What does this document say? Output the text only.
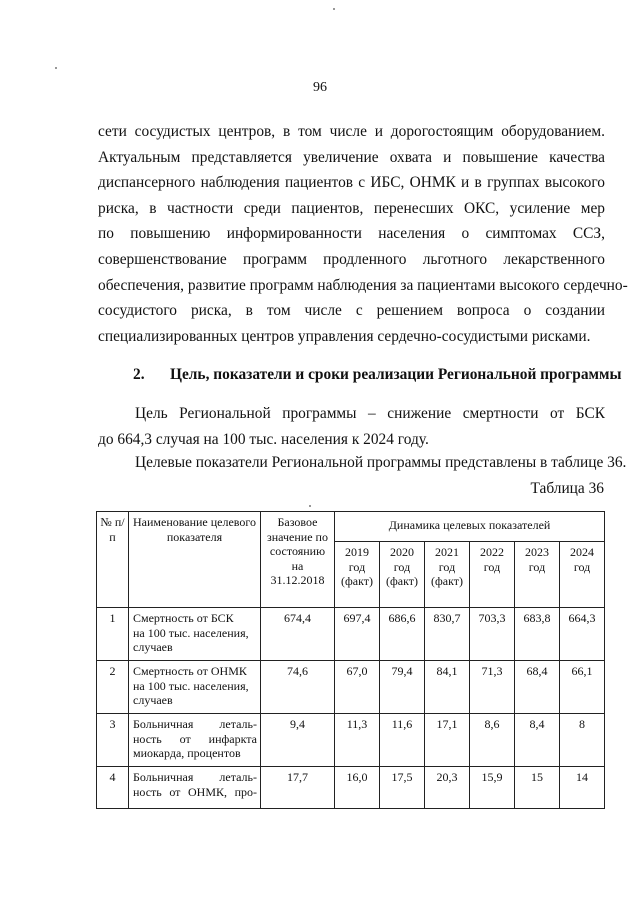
96

сети сосудистых центров, в том числе и дорогостоящим оборудованием.
Актуальным представляется увеличение охвата и повышение качества
диспансерного наблюдения пациентов с ИБС, ОНМК и в группах высокого
риска, в частности среди пациентов, перенесших ОКС, усиление мер
по повышению информированности населения о симптомах ССЗ,
совершенствование программ продленного льготного лекарственного
обеспечения, развитие программ наблюдения за пациентами высокого сердечно-
сосудистого риска, в том числе с решением вопроса о создании
специализированных центров управления сердечно-сосудистыми рисками.

2. Цель, показатели и сроки реализации Региональной программы

Цель Региональной программы – снижение смертности от БСК
до 664,3 случая на 100 тыс. населения к 2024 году.

Целевые показатели Региональной программы представлены в таблице 36.

Таблица 36

№ п/п	Наименование целевого показателя	Базовое значение по состоянию на 31.12.2018	Динамика целевых показателей					
			2019 год (факт)	2020 год (факт)	2021 год (факт)	2022 год	2023 год	2024 год
1	Смертность от БСК
на 100 тыс. населения,
случаев	674,4	697,4	686,6	830,7	703,3	683,8	664,3
2	Смертность от ОНМК
на 100 тыс. населения,
случаев	74,6	67,0	79,4	84,1	71,3	68,4	66,1
3	Больничная леталь-
ность от инфаркта
миокарда, процентов	9,4	11,3	11,6	17,1	8,6	8,4	8
4	Больничная леталь-
ность от ОНМК, про-	17,7	16,0	17,5	20,3	15,9	15	14
